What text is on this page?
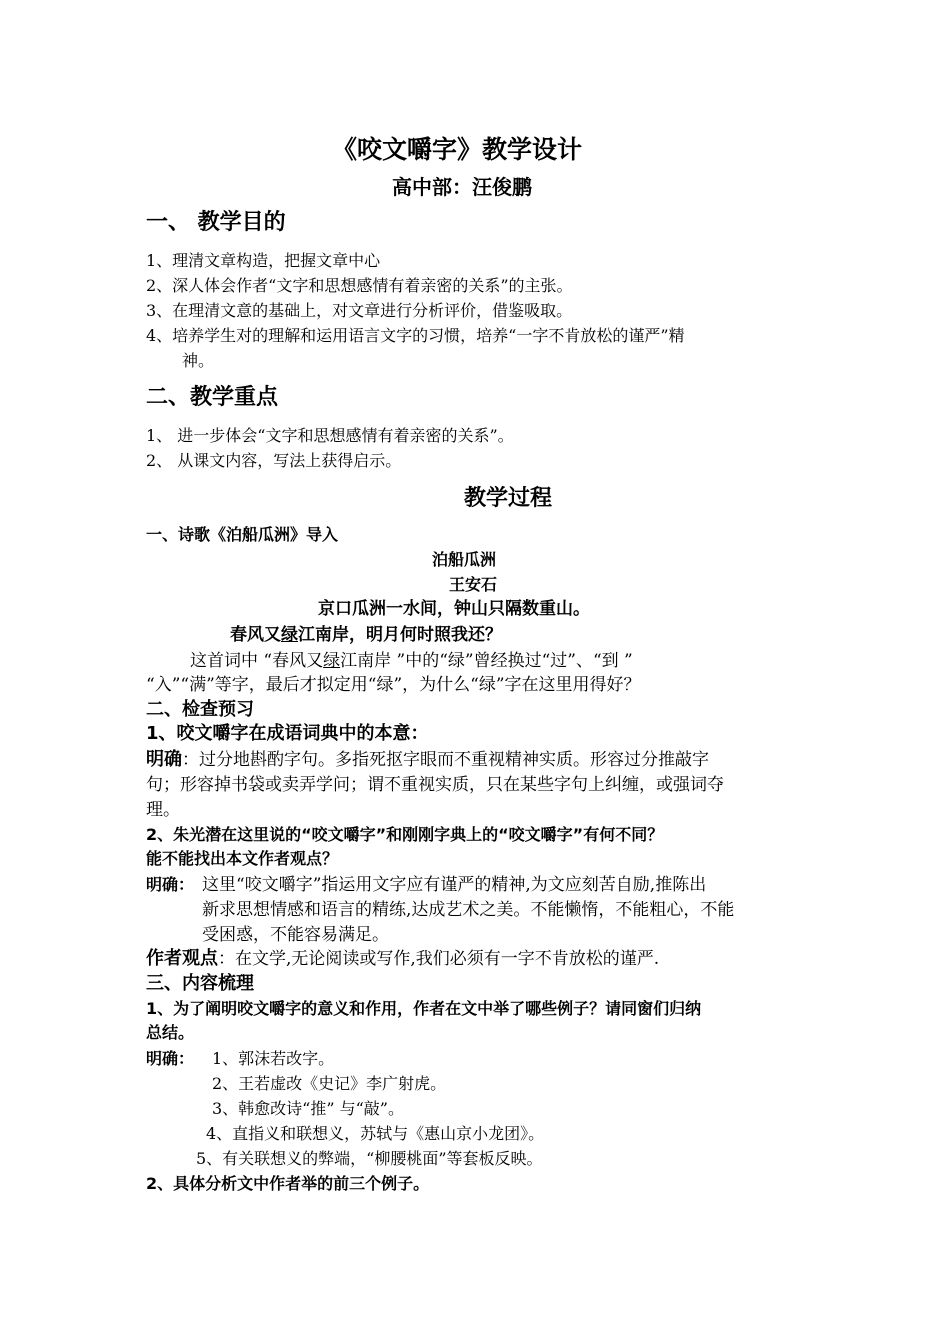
《咬文嚼字》教学设计
高中部：汪俊鹏
一、 教学目的
1、理清文章构造，把握文章中心
2、深人体会作者“文字和思想感情有着亲密的关系”的主张。
3、在理清文意的基础上，对文章进行分析评价，借鉴吸取。
4、培养学生对的理解和运用语言文字的习惯，培养“一字不肯放松的谨严”精
神。
二、教学重点
1、 进一步体会“文字和思想感情有着亲密的关系”。
2、 从课文内容，写法上获得启示。
教学过程
一、诗歌《泊船瓜洲》导入
泊船瓜洲
王安石
京口瓜洲一水间，钟山只隔数重山。
春风又绿江南岸，明月何时照我还？
这首词中 “春风又绿江南岸 ”中的“绿”曾经换过“过”、“到 ”
“入”“满”等字，最后才拟定用“绿”，为什么“绿”字在这里用得好？
二、检查预习
1、咬文嚼字在成语词典中的本意：
明确：过分地斟酌字句。多指死抠字眼而不重视精神实质。形容过分推敲字
句；形容掉书袋或卖弄学问；谓不重视实质，只在某些字句上纠缠，或强词夺
理。
2、朱光潜在这里说的“咬文嚼字”和刚刚字典上的“咬文嚼字”有何不同？
能不能找出本文作者观点？
明确： 这里“咬文嚼字”指运用文字应有谨严的精神,为文应刻苦自励,推陈出
新求思想情感和语言的精练,达成艺术之美。不能懒惰，不能粗心，不能
受困惑，不能容易满足。
作者观点：在文学,无论阅读或写作,我们必须有一字不肯放松的谨严.
三、内容梳理
1、为了阐明咬文嚼字的意义和作用，作者在文中举了哪些例子？请同窗们归纳
总结。
明确： 1、郭沫若改字。
2、王若虚改《史记》李广射虎。
3、韩愈改诗“推” 与“敲”。
4、直指义和联想义，苏轼与《惠山京小龙团》。
5、有关联想义的弊端，“柳腰桃面”等套板反映。
2、具体分析文中作者举的前三个例子。
